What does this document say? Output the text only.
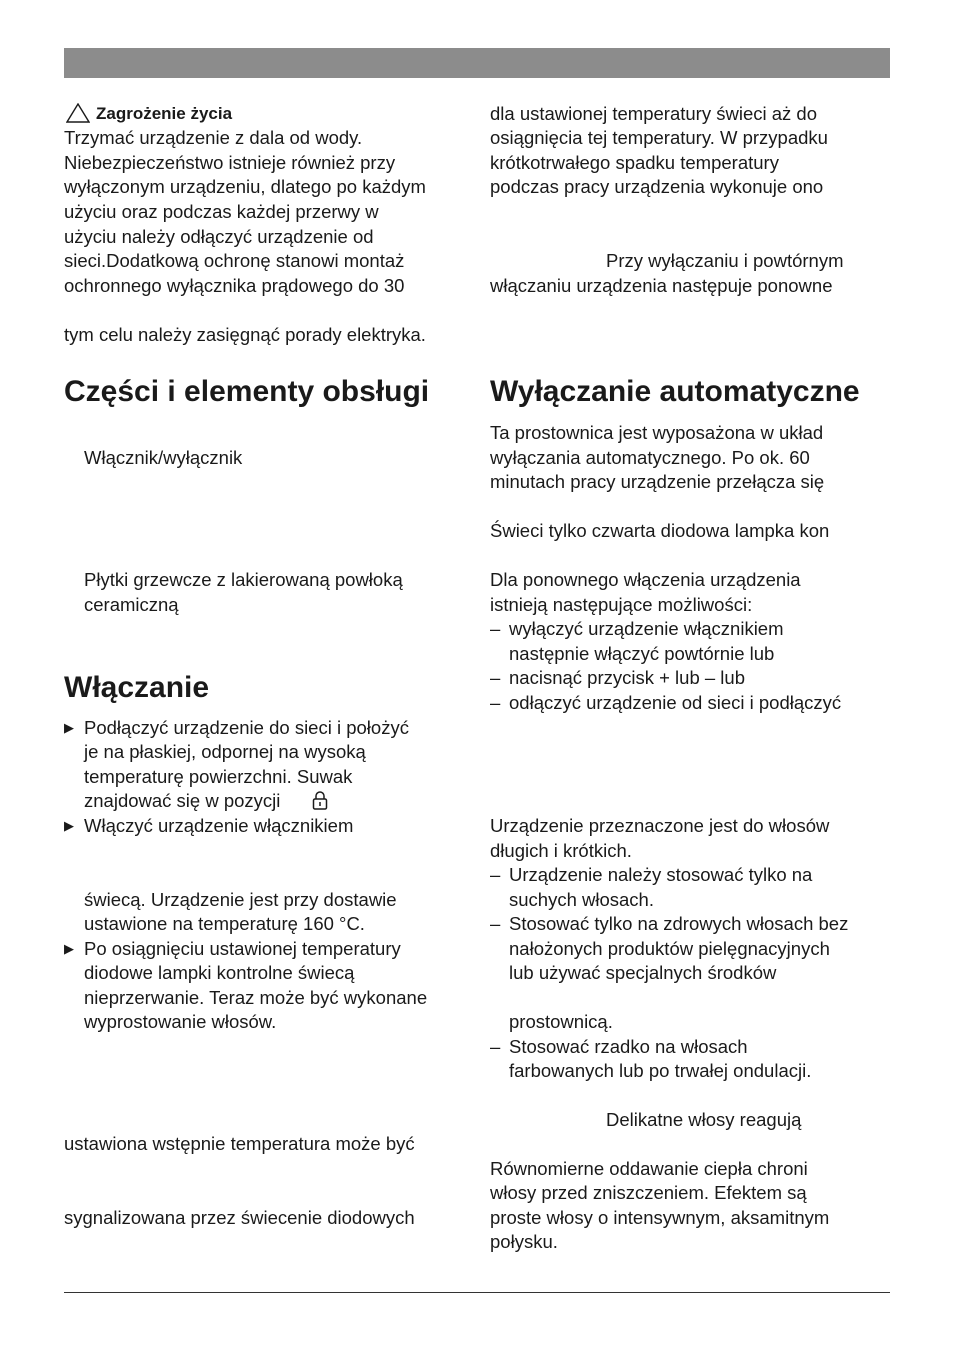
Zagrożenie życia
Trzymać urządzenie z dala od wody.
Niebezpieczeństwo istnieje również przy
wyłączonym urządzeniu, dlatego po każdym
użyciu oraz podczas każdej przerwy w
użyciu należy odłączyć urządzenie od
sieci.Dodatkową ochronę stanowi montaż
ochronnego wyłącznika prądowego do 30
tym celu należy zasięgnąć porady elektryka.
Części i elementy obsługi
Włącznik/wyłącznik
Płytki grzewcze z lakierowaną powłoką
ceramiczną
Włączanie
▶ Podłączyć urządzenie do sieci i położyć
je na płaskiej, odpornej na wysoką
temperaturę powierzchni. Suwak
znajdować się w pozycji
▶ Włączyć urządzenie włącznikiem
świecą. Urządzenie jest przy dostawie
ustawione na temperaturę 160 °C.
▶ Po osiągnięciu ustawionej temperatury
diodowe lampki kontrolne świecą
nieprzerwanie. Teraz może być wykonane
wyprostowanie włosów.
ustawiona wstępnie temperatura może być
sygnalizowana przez świecenie diodowych
dla ustawionej temperatury świeci aż do
osiągnięcia tej temperatury. W przypadku
krótkotrwałego spadku temperatury
podczas pracy urządzenia wykonuje ono
Przy wyłączaniu i powtórnym
włączaniu urządzenia następuje ponowne
Wyłączanie automatyczne
Ta prostownica jest wyposażona w układ
wyłączania automatycznego. Po ok. 60
minutach pracy urządzenie przełącza się
Świeci tylko czwarta diodowa lampka kon
Dla ponownego włączenia urządzenia
istnieją następujące możliwości:
– wyłączyć urządzenie włącznikiem
następnie włączyć powtórnie lub
– nacisnąć przycisk + lub – lub
– odłączyć urządzenie od sieci i podłączyć
Urządzenie przeznaczone jest do włosów
długich i krótkich.
– Urządzenie należy stosować tylko na
suchych włosach.
– Stosować tylko na zdrowych włosach bez
nałożonych produktów pielęgnacyjnych
lub używać specjalnych środków
prostownicą.
– Stosować rzadko na włosach
farbowanych lub po trwałej ondulacji.
Delikatne włosy reagują
Równomierne oddawanie ciepła chroni
włosy przed zniszczeniem. Efektem są
proste włosy o intensywnym, aksamitnym
połysku.
